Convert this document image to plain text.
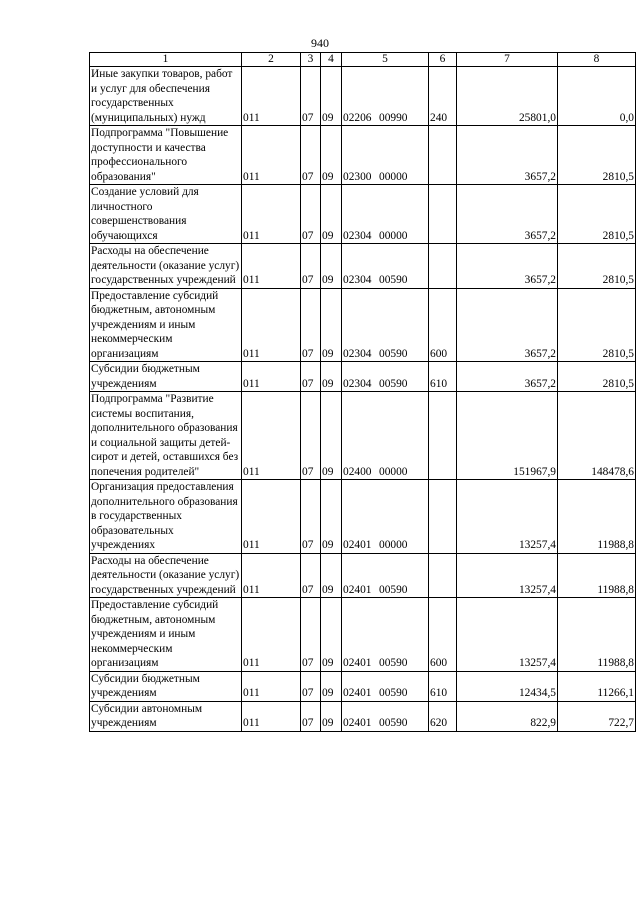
940
1	2	3	4	5	6	7	8
Иные закупки товаров, работ и услуг для обеспечения государственных (муниципальных) нужд	011	07	09	02206 00990	240	25801,0	0,0
Подпрограмма "Повышение доступности и качества профессионального образования"	011	07	09	02300 00000		3657,2	2810,5
Создание условий для личностного совершенствования обучающихся	011	07	09	02304 00000		3657,2	2810,5
Расходы на обеспечение деятельности (оказание услуг) государственных учреждений	011	07	09	02304 00590		3657,2	2810,5
Предоставление субсидий бюджетным, автономным учреждениям и иным некоммерческим организациям	011	07	09	02304 00590	600	3657,2	2810,5
Субсидии бюджетным учреждениям	011	07	09	02304 00590	610	3657,2	2810,5
Подпрограмма "Развитие системы воспитания, дополнительного образования и социальной защиты детей-сирот и детей, оставшихся без попечения родителей"	011	07	09	02400 00000		151967,9	148478,6
Организация предоставления дополнительного образования в государственных образовательных учреждениях	011	07	09	02401 00000		13257,4	11988,8
Расходы на обеспечение деятельности (оказание услуг) государственных учреждений	011	07	09	02401 00590		13257,4	11988,8
Предоставление субсидий бюджетным, автономным учреждениям и иным некоммерческим организациям	011	07	09	02401 00590	600	13257,4	11988,8
Субсидии бюджетным учреждениям	011	07	09	02401 00590	610	12434,5	11266,1
Субсидии автономным учреждениям	011	07	09	02401 00590	620	822,9	722,7
